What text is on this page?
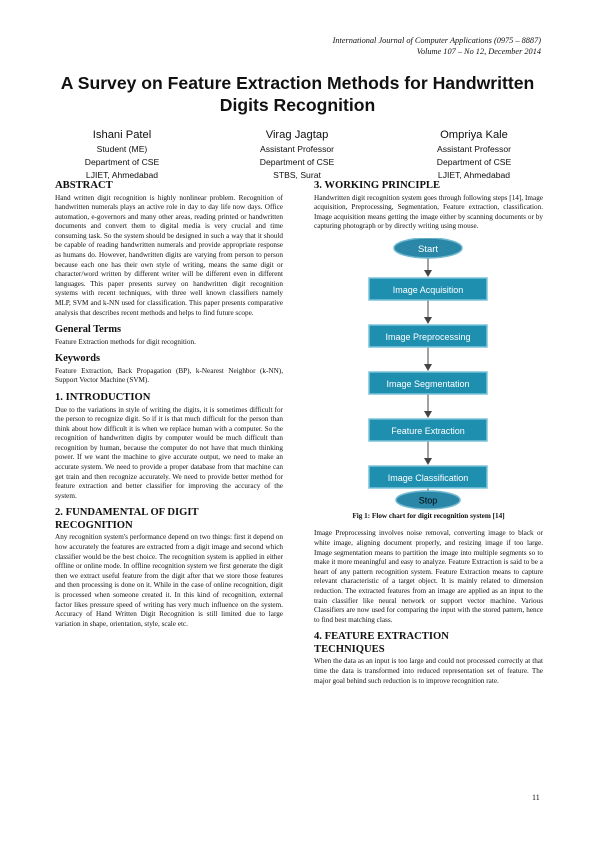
International Journal of Computer Applications (0975 – 8887)
Volume 107 – No 12, December 2014
A Survey on Feature Extraction Methods for Handwritten Digits Recognition
Ishani Patel
Student (ME)
Department of CSE
LJIET, Ahmedabad
Virag Jagtap
Assistant Professor
Department of CSE
STBS, Surat
Ompriya Kale
Assistant Professor
Department of CSE
LJIET, Ahmedabad
ABSTRACT

Hand written digit recognition is highly nonlinear problem. Recognition of handwritten numerals plays an active role in day to day life now days. Office automation, e-governors and many other areas, reading printed or handwritten documents and convert them to digital media is very crucial and time consuming task. So the system should be designed in such a way that it should be capable of reading handwritten numerals and provide appropriate response as humans do. However, handwritten digits are varying from person to person because each one has their own style of writing, means the same digit or character/word written by different writer will be different even in different languages. This paper presents survey on handwritten digit recognition systems with recent techniques, with three well known classifiers namely MLP, SVM and k-NN used for classification. This paper presents comparative analysis that describes recent methods and helps to find future scope.

General Terms

Feature Extraction methods for digit recognition.

Keywords

Feature Extraction, Back Propagation (BP), k-Nearest Neighbor (k-NN), Support Vector Machine (SVM).

1. INTRODUCTION

Due to the variations in style of writing the digits, it is sometimes difficult for the person to recognize digit. So if it is that much difficult for the person than think about how difficult it is when we replace human with a computer. So the recognition of handwritten digits by computer would be much difficult than recognition by human, because the computer do not have that much thinking power. If we want the machine to give accurate output, we need to make an accurate system. We need to provide a proper database from that machine can get train and then recognize accurately. We need to provide better method for feature extraction and better classifier for improving the accuracy of the system.

2. FUNDAMENTAL OF DIGIT
RECOGNITION

Any recognition system's performance depend on two things: first it depend on how accurately the features are extracted from a digit image and second which classifier would be the best choice. The recognition system is applied in either offline or online mode. In offline recognition system we first generate the digit then we extract useful feature from the digit after that we store those features and then processing is done on it. While in the case of online recognition, digit is processed when someone created it. In this kind of recognition, external factor likes pressure speed of writing has very much influence on the system. Accuracy of Hand Written Digit Recognition is still limited due to large variation in shape, orientation, style, scale etc.

3. WORKING PRINCIPLE

Handwritten digit recognition system goes through following steps [14], Image acquisition, Preprocessing, Segmentation, Feature extraction, classification. Image acquisition means getting the image either by scanning documents or by capturing photograph or by directly writing using mouse.

Start
Image Acquisition
Image Preprocessing
Image Segmentation
Feature Extraction
Image Classification
Stop
Fig 1: Flow chart for digit recognition system [14]

Image Preprocessing involves noise removal, converting image to black or white image, aligning document properly, and resizing image if too large. Image segmentation means to partition the image into multiple segments so to make it more meaningful and easy to analyze. Feature Extraction is said to be a heart of any pattern recognition system. Feature Extraction means to capture relevant characteristic of a target object. It is mainly related to dimension reduction. The extracted features from an image are applied as an input to the train classifier like neural network or support vector machine. Various Classifiers are now used for comparing the input with the stored pattern, hence to find best matching class.

4. FEATURE EXTRACTION
TECHNIQUES

When the data as an input is too large and could not processed correctly at that time the data is transformed into reduced representation set of feature. The major goal behind such reduction is to improve recognition rate.

11
